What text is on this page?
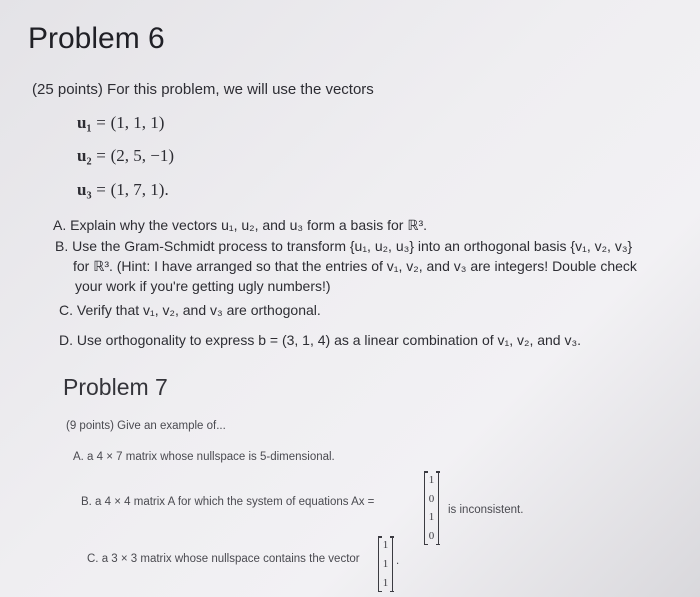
Problem 6
(25 points) For this problem, we will use the vectors
u₁ = (1, 1, 1)
u₂ = (2, 5, −1)
u₃ = (1, 7, 1).
A. Explain why the vectors u₁, u₂, and u₃ form a basis for ℝ³.
B. Use the Gram-Schmidt process to transform {u₁, u₂, u₃} into an orthogonal basis {v₁, v₂, v₃}
for ℝ³. (Hint: I have arranged so that the entries of v₁, v₂, and v₃ are integers! Double check
your work if you're getting ugly numbers!)
C. Verify that v₁, v₂, and v₃ are orthogonal.
D. Use orthogonality to express b = (3, 1, 4) as a linear combination of v₁, v₂, and v₃.
Problem 7
(9 points) Give an example of...
A. a 4 × 7 matrix whose nullspace is 5-dimensional.
B. a 4 × 4 matrix A for which the system of equations Ax =
1
0
1
0
is inconsistent.
C. a 3 × 3 matrix whose nullspace contains the vector
1
1
1
.
